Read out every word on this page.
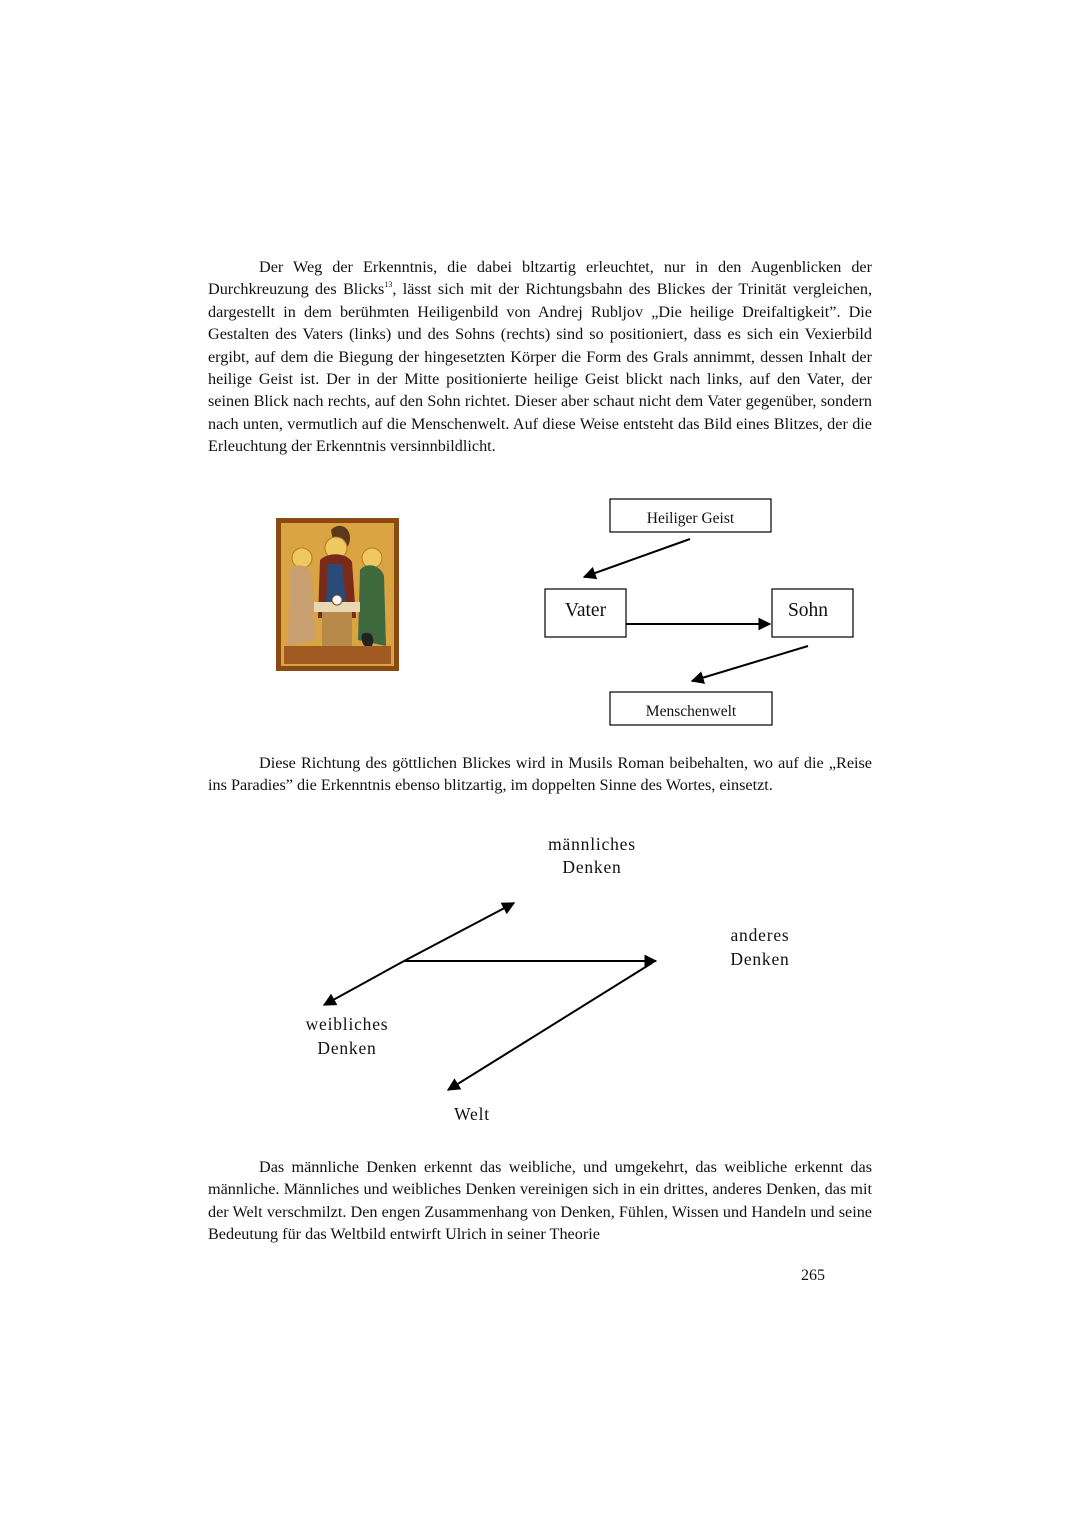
Der Weg der Erkenntnis, die dabei bltzartig erleuchtet, nur in den Augenblicken der Durchkreuzung des Blicks$^{13}$, lässt sich mit der Richtungsbahn des Blickes der Trinität vergleichen, dargestellt in dem berühmten Heiligenbild von Andrej Rubljov „Die heilige Dreifaltigkeit”. Die Gestalten des Vaters (links) und des Sohns (rechts) sind so positioniert, dass es sich ein Vexierbild ergibt, auf dem die Biegung der hingesetzten Körper die Form des Grals annimmt, dessen Inhalt der heilige Geist ist. Der in der Mitte positionierte heilige Geist blickt nach links, auf den Vater, der seinen Blick nach rechts, auf den Sohn richtet. Dieser aber schaut nicht dem Vater gegenüber, sondern nach unten, vermutlich auf die Menschenwelt. Auf diese Weise entsteht das Bild eines Blitzes, der die Erleuchtung der Erkenntnis versinnbildlicht.

Heiliger Geist
Vater	Sohn
Menschenwelt

Diese Richtung des göttlichen Blickes wird in Musils Roman beibehalten, wo auf die „Reise ins Paradies” die Erkenntnis ebenso blitzartig, im doppelten Sinne des Wortes, einsetzt.

männliches
Denken
anderes
Denken
weibliches
Denken
Welt

Das männliche Denken erkennt das weibliche, und umgekehrt, das weibliche erkennt das männliche. Männliches und weibliches Denken vereinigen sich in ein drittes, anderes Denken, das mit der Welt verschmilzt. Den engen Zusammenhang von Denken, Fühlen, Wissen und Handeln und seine Bedeutung für das Weltbild entwirft Ulrich in seiner Theorie

265
